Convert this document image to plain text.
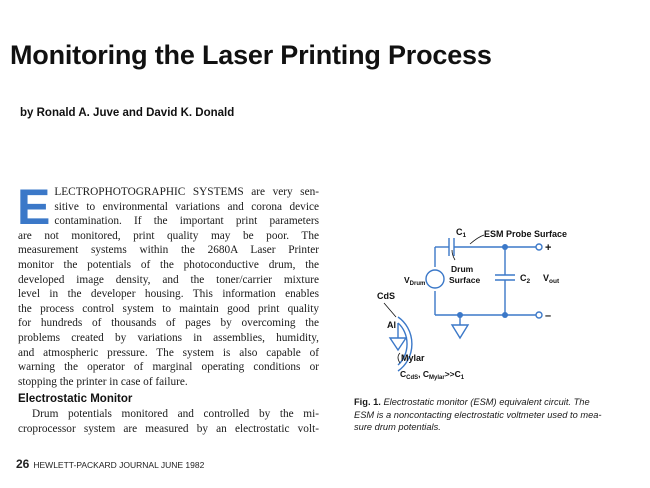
Monitoring the Laser Printing Process

by Ronald A. Juve and David K. Donald

E LECTROPHOTOGRAPHIC SYSTEMS are very sen-
sitive to environmental variations and corona device
contamination. If the important print parameters
are not monitored, print quality may be poor. The
measurement systems within the 2680A Laser Printer
monitor the potentials of the photoconductive drum, the
developed image density, and the toner/carrier mixture
level in the developer housing. This information enables
the process control system to maintain good print quality
for hundreds of thousands of pages by overcoming the
problems created by variations in assemblies, humidity,
and atmospheric pressure. The system is also capable of
warning the operator of marginal operating conditions or
stopping the printer in case of failure.
Electrostatic Monitor
Drum potentials monitored and controlled by the mi-
croprocessor system are measured by an electrostatic volt-
$C_1$ ESM Probe Surface
+
–
$V_{Drum}$
Drum
Surface	$C_2$ $V_{out}$
CdS
Al
Mylar
$C_{CdS}$, $C_{Mylar}>>C_1$
Fig. 1. Electrostatic monitor (ESM) equivalent circuit. The
ESM is a noncontacting electrostatic voltmeter used to mea-
sure drum potentials.
26 HEWLETT-PACKARD JOURNAL JUNE 1982
